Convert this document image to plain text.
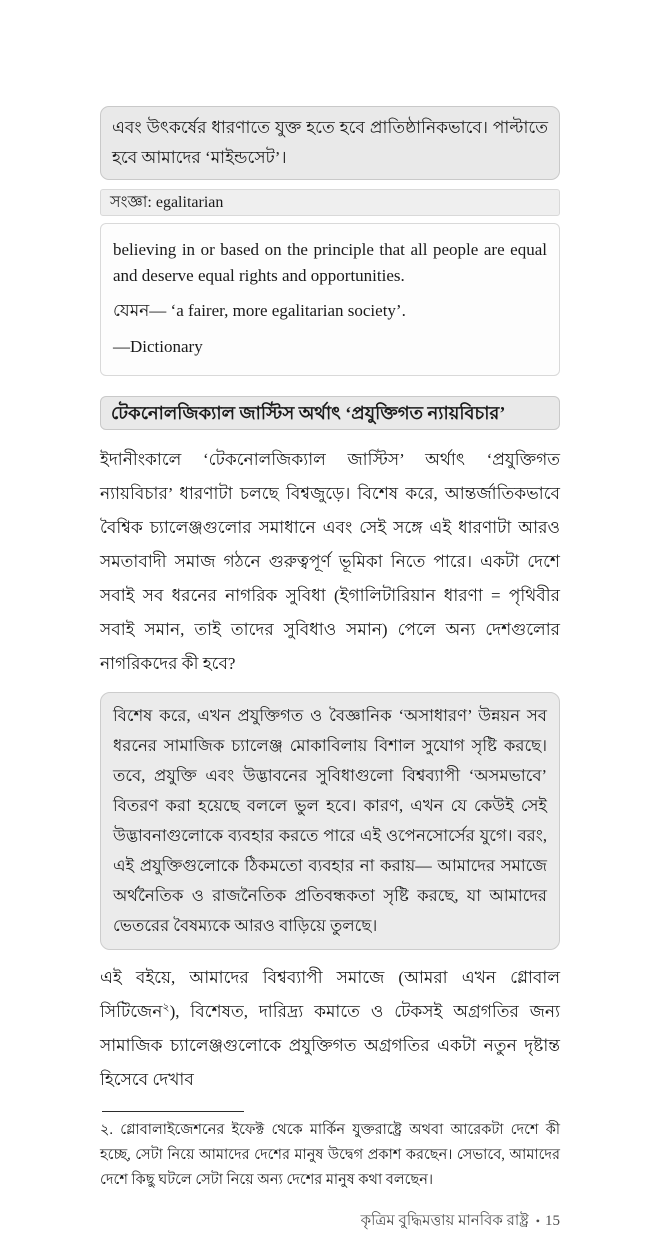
এবং উৎকর্ষের ধারণাতে যুক্ত হতে হবে প্রাতিষ্ঠানিকভাবে। পাল্টাতে হবে আমাদের ‘মাইন্ডসেট’।
সংজ্ঞা: egalitarian

believing in or based on the principle that all people are equal and deserve equal rights and opportunities.

যেমন— ‘a fairer, more egalitarian society’.

—Dictionary

টেকনোলজিক্যাল জাস্টিস অর্থাৎ ‘প্রযুক্তিগত ন্যায়বিচার’

ইদানীংকালে ‘টেকনোলজিক্যাল জাস্টিস’ অর্থাৎ ‘প্রযুক্তিগত ন্যায়বিচার’ ধারণাটা চলছে বিশ্বজুড়ে। বিশেষ করে, আন্তর্জাতিকভাবে বৈশ্বিক চ্যালেঞ্জগুলোর সমাধানে এবং সেই সঙ্গে এই ধারণাটা আরও সমতাবাদী সমাজ গঠনে গুরুত্বপূর্ণ ভূমিকা নিতে পারে। একটা দেশে সবাই সব ধরনের নাগরিক সুবিধা (ইগালিটারিয়ান ধারণা = পৃথিবীর সবাই সমান, তাই তাদের সুবিধাও সমান) পেলে অন্য দেশগুলোর নাগরিকদের কী হবে?

বিশেষ করে, এখন প্রযুক্তিগত ও বৈজ্ঞানিক ‘অসাধারণ’ উন্নয়ন সব ধরনের সামাজিক চ্যালেঞ্জ মোকাবিলায় বিশাল সুযোগ সৃষ্টি করছে। তবে, প্রযুক্তি এবং উদ্ভাবনের সুবিধাগুলো বিশ্বব্যাপী ‘অসমভাবে’ বিতরণ করা হয়েছে বললে ভুল হবে। কারণ, এখন যে কেউই সেই উদ্ভাবনাগুলোকে ব্যবহার করতে পারে এই ওপেনসোর্সের যুগে। বরং, এই প্রযুক্তিগুলোকে ঠিকমতো ব্যবহার না করায়— আমাদের সমাজে অর্থনৈতিক ও রাজনৈতিক প্রতিবন্ধকতা সৃষ্টি করছে, যা আমাদের ভেতরের বৈষম্যকে আরও বাড়িয়ে তুলছে।

এই বইয়ে, আমাদের বিশ্বব্যাপী সমাজে (আমরা এখন গ্লোবাল সিটিজেন$^২$), বিশেষত, দারিদ্র্য কমাতে ও টেকসই অগ্রগতির জন্য সামাজিক চ্যালেঞ্জগুলোকে প্রযুক্তিগত অগ্রগতির একটা নতুন দৃষ্টান্ত হিসেবে দেখাব

২. গ্লোবালাইজেশনের ইফেক্ট থেকে মার্কিন যুক্তরাষ্ট্রে অথবা আরেকটা দেশে কী হচ্ছে, সেটা নিয়ে আমাদের দেশের মানুষ উদ্বেগ প্রকাশ করছেন। সেভাবে, আমাদের দেশে কিছু ঘটলে সেটা নিয়ে অন্য দেশের মানুষ কথা বলছেন।

কৃত্রিম বুদ্ধিমত্তায় মানবিক রাষ্ট্র • 15
